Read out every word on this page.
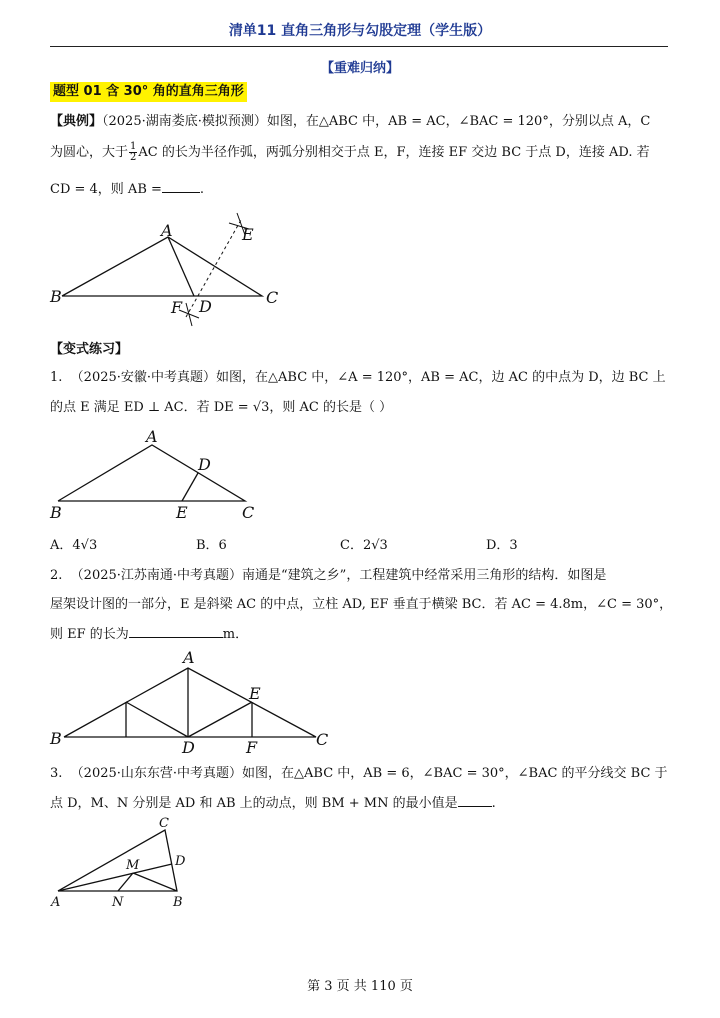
清单11 直角三角形与勾股定理（学生版）
【重难归纳】
题型 01 含 30° 角的直角三角形
【典例】（2025·湖南娄底·模拟预测）如图，在△ABC 中，AB = AC，∠BAC = 120°，分别以点 A，C
为圆心，大于 $\frac{1}{2}$ AC 的长为半径作弧，两弧分别相交于点 E，F，连接 EF 交边 BC 于点 D，连接 AD. 若
CD = 4，则 AB =	.
A
B	C
D
E
F
【变式练习】
1. （2025·安徽·中考真题）如图，在△ABC 中，∠A = 120°，AB = AC，边 AC 的中点为 D，边 BC 上
的点 E 满足 ED ⊥ AC．若 DE = √3，则 AC 的长是（ ）
A
B	C
D
E
A．4√3	B．6	C．2√3	D．3
2. （2025·江苏南通·中考真题）南通是“建筑之乡”，工程建筑中经常采用三角形的结构．如图是
屋架设计图的一部分，E 是斜梁 AC 的中点，立柱 AD, EF 垂直于横梁 BC．若 AC = 4.8m，∠C = 30°，
则 EF 的长为	m．
A
B	C
D
E
F
3. （2025·山东东营·中考真题）如图，在△ABC 中，AB = 6，∠BAC = 30°，∠BAC 的平分线交 BC 于
点 D，M、N 分别是 AD 和 AB 上的动点，则 BM + MN 的最小值是	.
C
D
M
A	N	B
第 3 页 共 110 页
